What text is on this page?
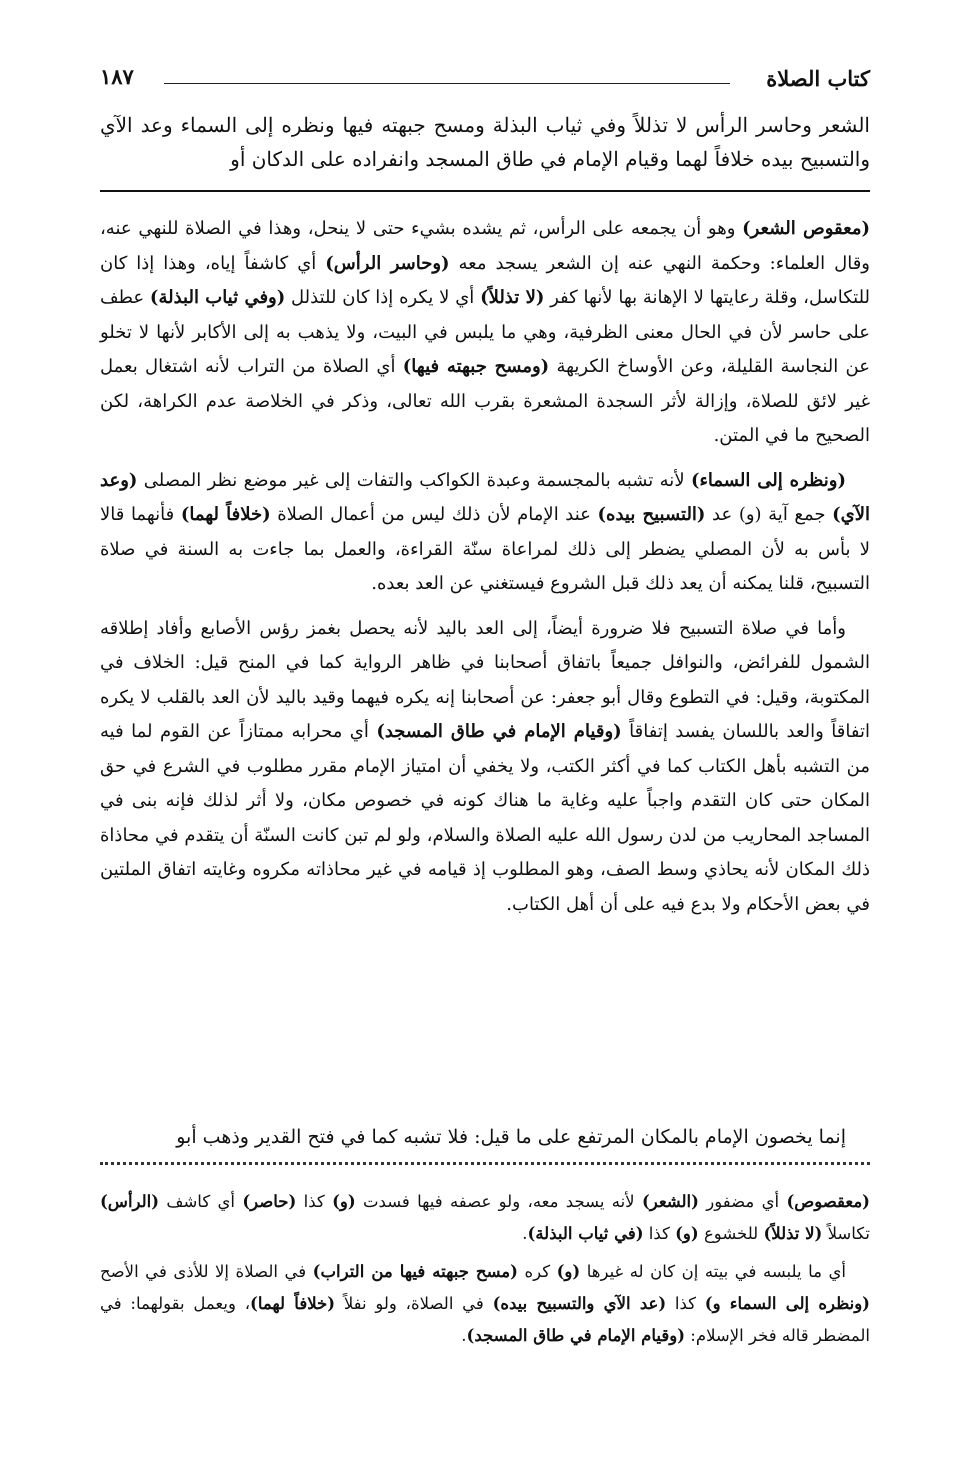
كتاب الصلاة
١٨٧
الشعر وحاسر الرأس لا تذللاً وفي ثياب البذلة ومسح جبهته فيها ونظره إلى السماء وعد الآي والتسبيح بيده خلافاً لهما وقيام الإمام في طاق المسجد وانفراده على الدكان أو

(معقوص الشعر) وهو أن يجمعه على الرأس، ثم يشده بشيء حتى لا ينحل، وهذا في الصلاة للنهي عنه، وقال العلماء: وحكمة النهي عنه إن الشعر يسجد معه (وحاسر الرأس) أي كاشفاً إياه، وهذا إذا كان للتكاسل، وقلة رعايتها لا الإهانة بها لأنها كفر (لا تذللاً) أي لا يكره إذا كان للتذلل (وفي ثياب البذلة) عطف على حاسر لأن في الحال معنى الظرفية، وهي ما يلبس في البيت، ولا يذهب به إلى الأكابر لأنها لا تخلو عن النجاسة القليلة، وعن الأوساخ الكريهة (ومسح جبهته فيها) أي الصلاة من التراب لأنه اشتغال بعمل غير لائق للصلاة، وإزالة لأثر السجدة المشعرة بقرب الله تعالى، وذكر في الخلاصة عدم الكراهة، لكن الصحيح ما في المتن.

(ونظره إلى السماء) لأنه تشبه بالمجسمة وعبدة الكواكب والتفات إلى غير موضع نظر المصلى (وعد الآي) جمع آية (و) عد (التسبيح بيده) عند الإمام لأن ذلك ليس من أعمال الصلاة (خلافاً لهما) فأنهما قالا لا بأس به لأن المصلي يضطر إلى ذلك لمراعاة سنّة القراءة، والعمل بما جاءت به السنة في صلاة التسبيح، قلنا يمكنه أن يعد ذلك قبل الشروع فيستغني عن العد بعده.

وأما في صلاة التسبيح فلا ضرورة أيضاً، إلى العد باليد لأنه يحصل بغمز رؤس الأصابع وأفاد إطلاقه الشمول للفرائض، والنوافل جميعاً باتفاق أصحابنا في ظاهر الرواية كما في المنح قيل: الخلاف في المكتوبة، وقيل: في التطوع وقال أبو جعفر: عن أصحابنا إنه يكره فيهما وقيد باليد لأن العد بالقلب لا يكره اتفاقاً والعد باللسان يفسد إتفاقاً (وقيام الإمام في طاق المسجد) أي محرابه ممتازاً عن القوم لما فيه من التشبه بأهل الكتاب كما في أكثر الكتب، ولا يخفي أن امتياز الإمام مقرر مطلوب في الشرع في حق المكان حتى كان التقدم واجباً عليه وغاية ما هناك كونه في خصوص مكان، ولا أثر لذلك فإنه بنى في المساجد المحاريب من لدن رسول الله عليه الصلاة والسلام، ولو لم تبن كانت السنّة أن يتقدم في محاذاة ذلك المكان لأنه يحاذي وسط الصف، وهو المطلوب إذ قيامه في غير محاذاته مكروه وغايته اتفاق الملتين في بعض الأحكام ولا بدع فيه على أن أهل الكتاب.

إنما يخصون الإمام بالمكان المرتفع على ما قيل: فلا تشبه كما في فتح القدير وذهب أبو

(معقصوص) أي مضفور (الشعر) لأنه يسجد معه، ولو عصفه فيها فسدت (و) كذا (حاصر) أي كاشف (الرأس) تكاسلاً (لا تذللاً) للخشوع (و) كذا (في ثياب البذلة).

أي ما يلبسه في بيته إن كان له غيرها (و) كره (مسح جبهته فيها من التراب) في الصلاة إلا للأذى في الأصح (ونظره إلى السماء و) كذا (عد الآي والتسبيح بيده) في الصلاة، ولو نفلاً (خلافاً لهما)، ويعمل بقولهما: في المضطر قاله فخر الإسلام: (وقيام الإمام في طاق المسجد).
